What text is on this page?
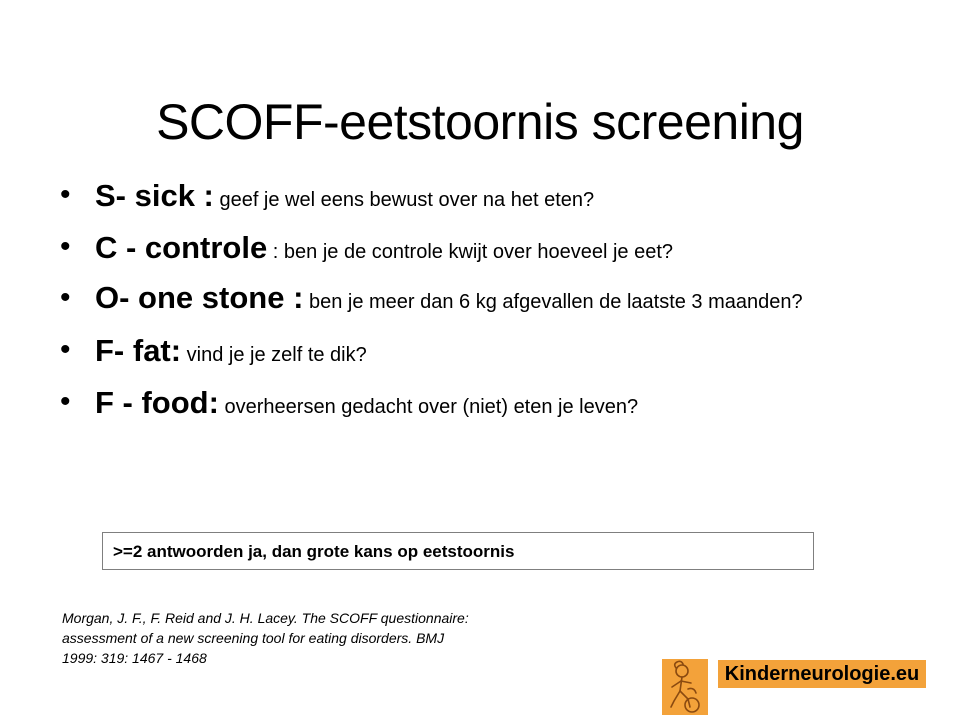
SCOFF-eetstoornis screening
• S- sick : geef je wel eens bewust over na het eten?
• C - controle : ben je de controle kwijt over hoeveel je eet?
• O- one stone : ben je meer dan 6 kg afgevallen de laatste 3 maanden?
• F- fat: vind je je zelf te dik?
• F - food: overheersen gedacht over (niet) eten je leven?
>=2 antwoorden ja, dan grote kans op eetstoornis
Morgan, J. F., F. Reid and J. H. Lacey. The SCOFF questionnaire:
assessment of a new screening tool for eating disorders. BMJ
1999: 319: 1467 - 1468
Kinderneurologie.eu
